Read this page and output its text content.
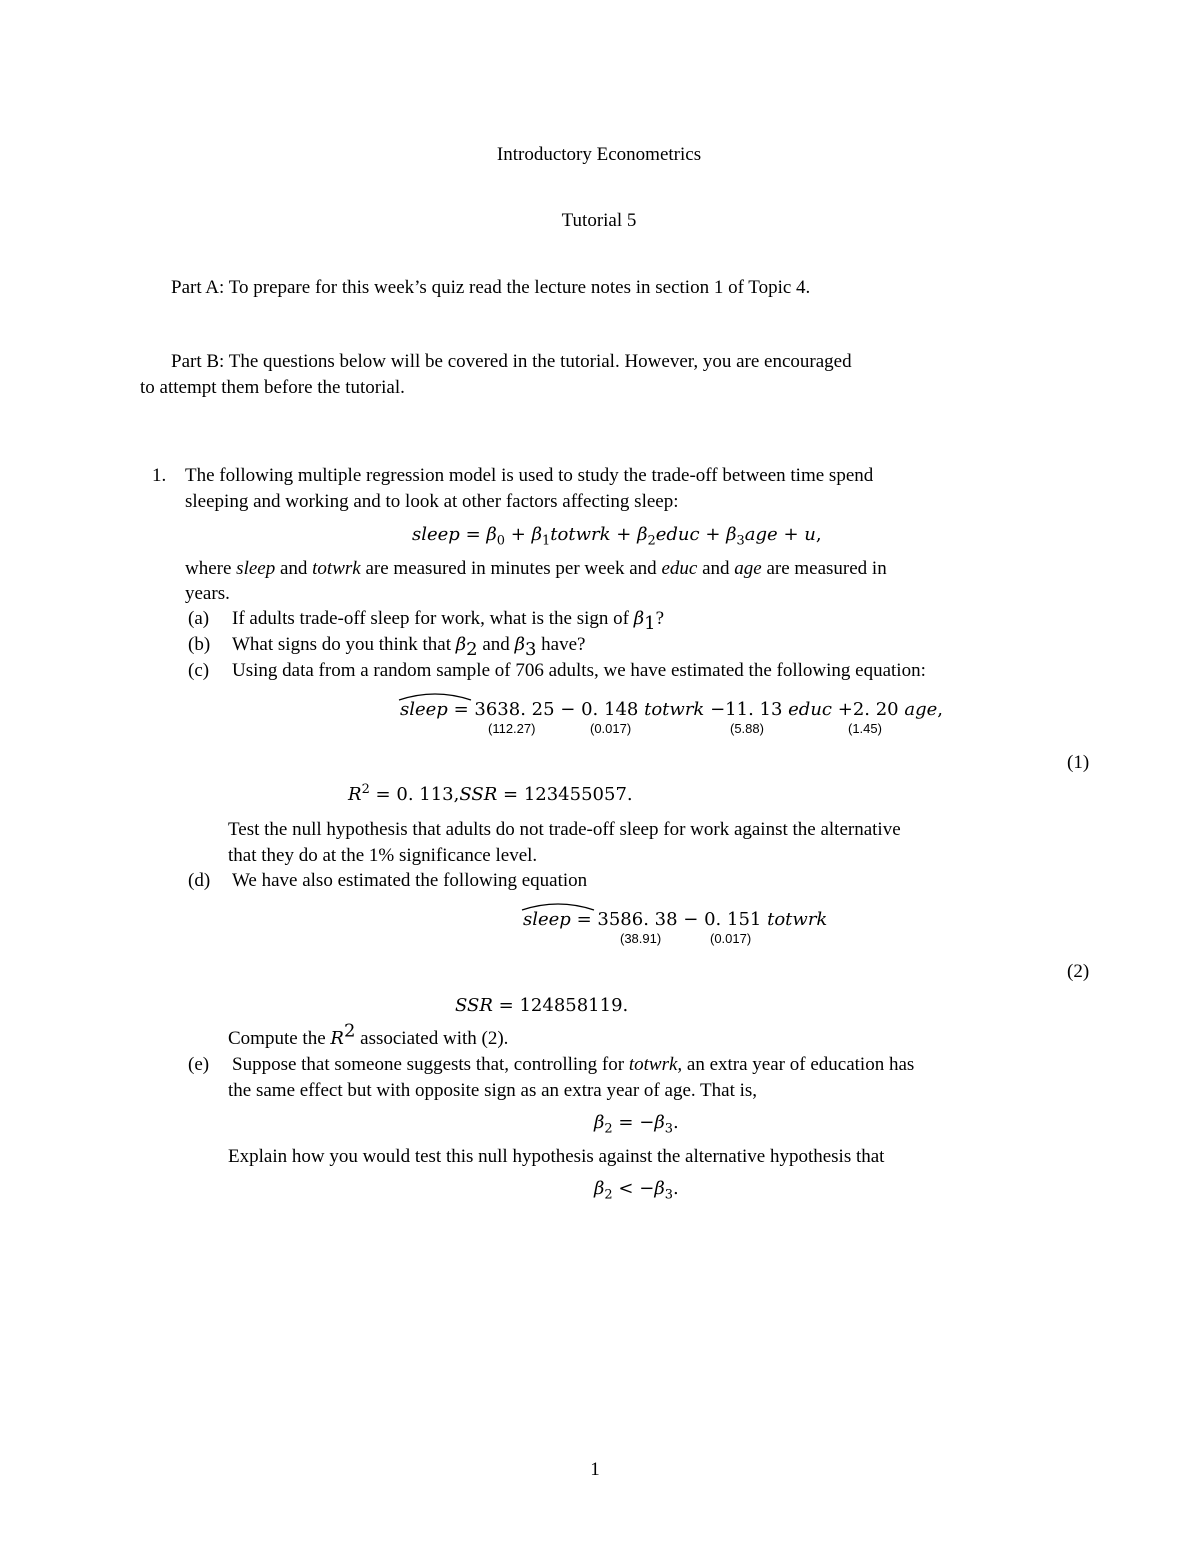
Introductory Econometrics
Tutorial 5
Part A: To prepare for this week’s quiz read the lecture notes in section 1 of Topic 4.
Part B: The questions below will be covered in the tutorial. However, you are encouraged
to attempt them before the tutorial.
1. The following multiple regression model is used to study the trade-off between time spend
sleeping and working and to look at other factors affecting sleep:
sleep = $\beta_0$ + $\beta_1totwrk$ + $\beta_2educ + \beta_3age + u$,
where sleep and totwrk are measured in minutes per week and educ and age are measured in
years.
(a) If adults trade-off sleep for work, what is the sign of $\beta_1$?
(b) What signs do you think that $\beta_2$ and $\beta_3$ have?
(c) Using data from a random sample of 706 adults, we have estimated the following equation:
sleep = 3638. 25 − 0. 148 totwrk −11. 13 educ +2. 20 age,
(112.27)	(0.017)	(5.88)	(1.45)
(1)
$R^2 = 0$. 113,SSR = 123455057.
Test the null hypothesis that adults do not trade-off sleep for work against the alternative
that they do at the 1% significance level.
(d) We have also estimated the following equation
sleep = 3586. 38 − 0. 151 totwrk
(38.91)	(0.017)
(2)
SSR = 124858119.
Compute the $R^2$ associated with (2).
(e) Suppose that someone suggests that, controlling for totwrk, an extra year of education has
the same effect but with opposite sign as an extra year of age. That is,
$\beta_2 = -\beta_3$.
Explain how you would test this null hypothesis against the alternative hypothesis that
$\beta_2 < -\beta_3$.
1
